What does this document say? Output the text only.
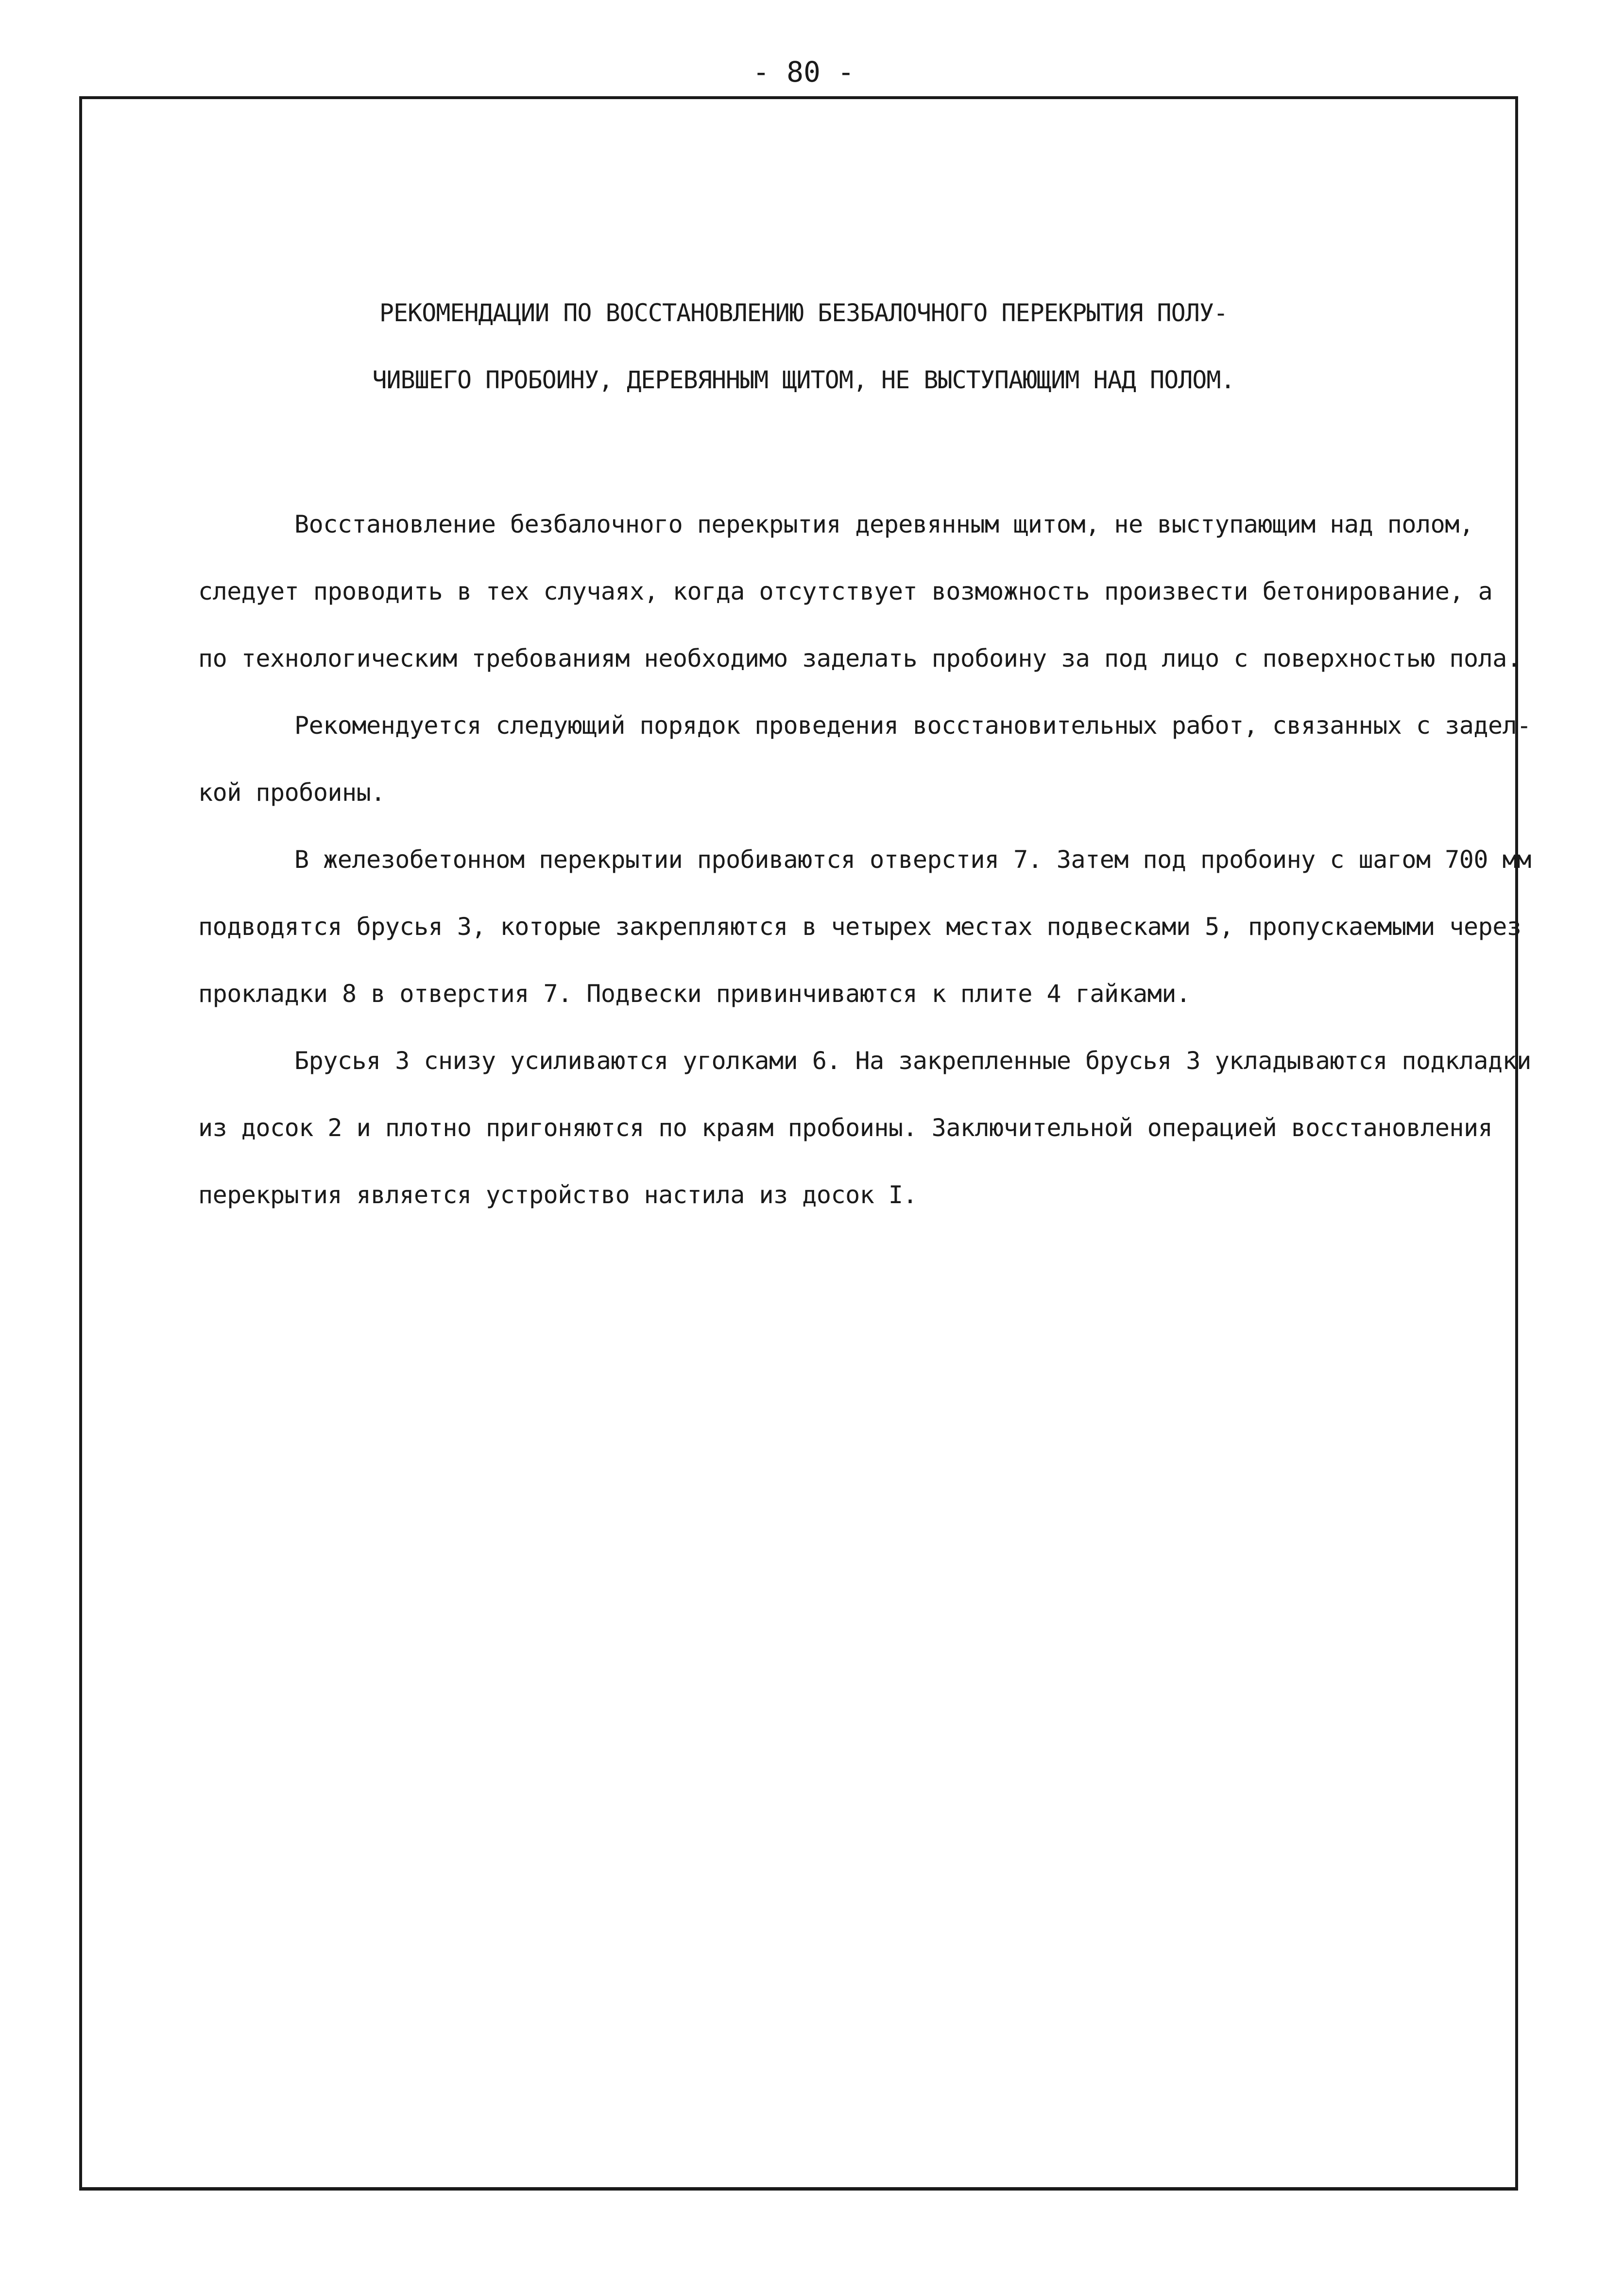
- 80 -
РЕКОМЕНДАЦИИ ПО ВОССТАНОВЛЕНИЮ БЕЗБАЛОЧНОГО ПЕРЕКРЫТИЯ ПОЛУ-
ЧИВШЕГО ПРОБОИНУ, ДЕРЕВЯННЫМ ЩИТОМ, НЕ ВЫСТУПАЮЩИМ НАД ПОЛОМ.
Восстановление безбалочного перекрытия деревянным щитом, не выступающим над полом,
следует проводить в тех случаях, когда отсутствует возможность произвести бетонирование, а
по технологическим требованиям необходимо заделать пробоину за под лицо с поверхностью пола.
Рекомендуется следующий порядок проведения восстановительных работ, связанных с задел-
кой пробоины.
В железобетонном перекрытии пробиваются отверстия 7. Затем под пробоину с шагом 700 мм
подводятся брусья 3, которые закрепляются в четырех местах подвесками 5, пропускаемыми через
прокладки 8 в отверстия 7. Подвески привинчиваются к плите 4 гайками.
Брусья 3 снизу усиливаются уголками 6. На закрепленные брусья 3 укладываются подкладки
из досок 2 и плотно пригоняются по краям пробоины. Заключительной операцией восстановления
перекрытия является устройство настила из досок I.
